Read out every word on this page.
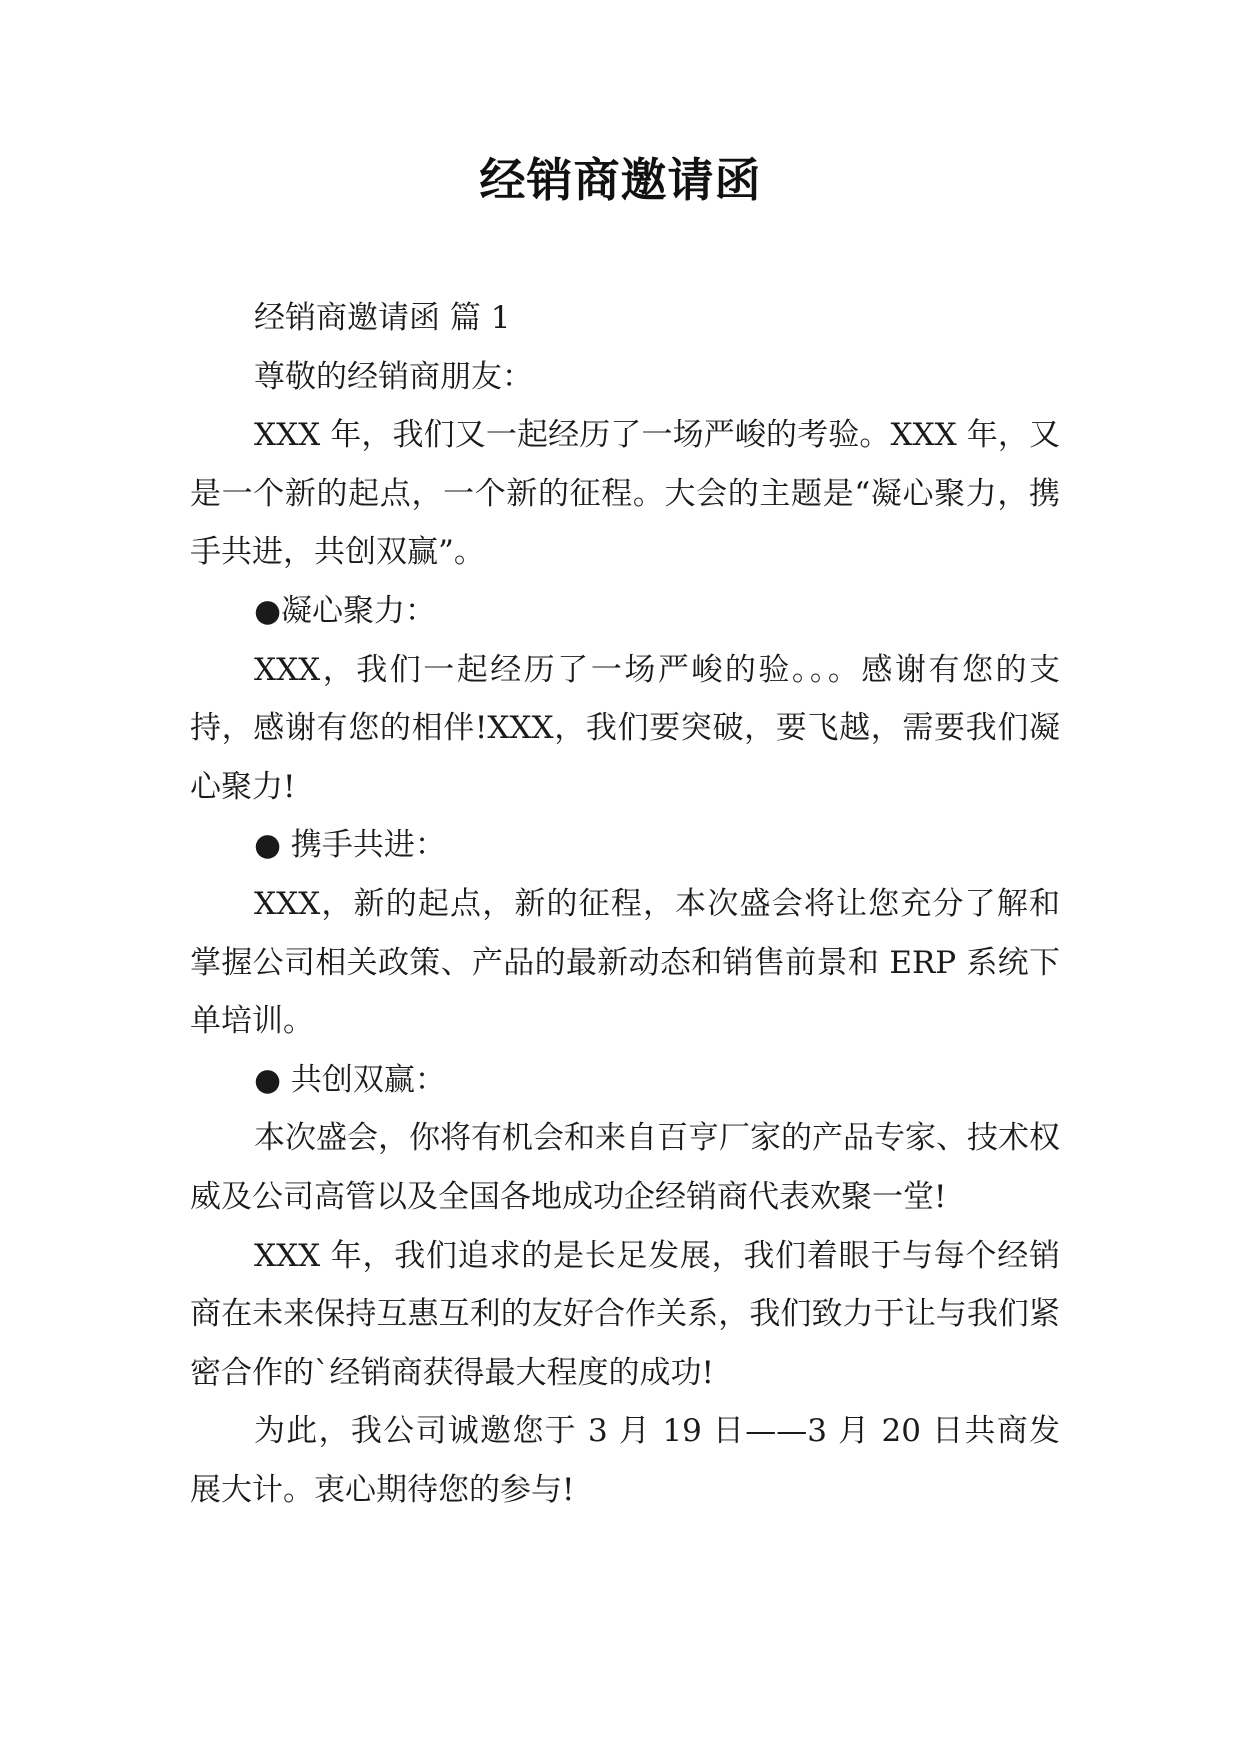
经销商邀请函

经销商邀请函 篇 1

尊敬的经销商朋友：

XXX 年，我们又一起经历了一场严峻的考验。XXX 年，又是一个新的起点，一个新的征程。大会的主题是“凝心聚力，携手共进，共创双赢”。

●凝心聚力：

XXX，我们一起经历了一场严峻的验。。。感谢有您的支持，感谢有您的相伴!XXX，我们要突破，要飞越，需要我们凝心聚力!

● 携手共进：

XXX，新的起点，新的征程，本次盛会将让您充分了解和掌握公司相关政策、产品的最新动态和销售前景和 ERP 系统下单培训。

● 共创双赢：

本次盛会，你将有机会和来自百亨厂家的产品专家、技术权威及公司高管以及全国各地成功企经销商代表欢聚一堂!

XXX 年，我们追求的是长足发展，我们着眼于与每个经销商在未来保持互惠互利的友好合作关系，我们致力于让与我们紧密合作的`经销商获得最大程度的成功!

为此，我公司诚邀您于 3 月 19 日——3 月 20 日共商发展大计。衷心期待您的参与!
